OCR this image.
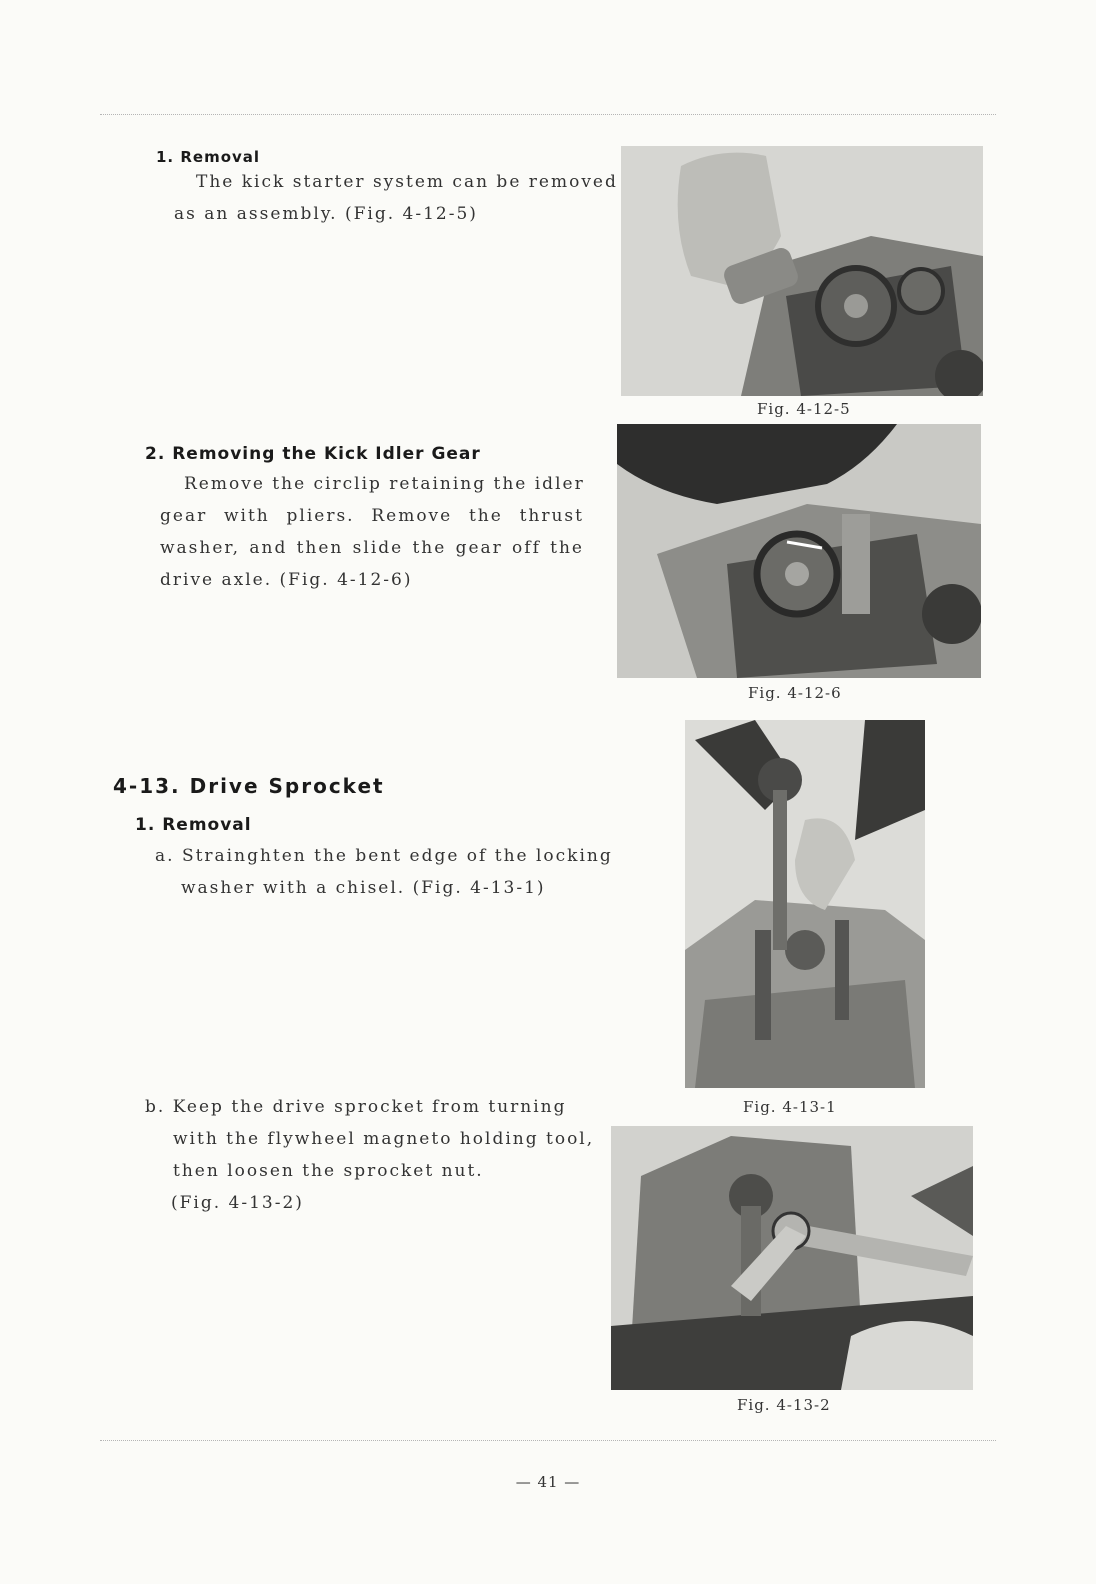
1. Removal
The kick starter system can be removed
as an assembly. (Fig. 4-12-5)
2. Removing the Kick Idler Gear
Remove the circlip retaining the idler
gear with pliers. Remove the thrust
washer, and then slide the gear off the
drive axle. (Fig. 4-12-6)
4-13. Drive Sprocket
1. Removal
a. Strainghten the bent edge of the locking
washer with a chisel. (Fig. 4-13-1)
b. Keep the drive sprocket from turning
with the flywheel magneto holding tool,
then loosen the sprocket nut.
(Fig. 4-13-2)
Fig. 4-12-5
Fig. 4-12-6
Fig. 4-13-1
Fig. 4-13-2
— 41 —
